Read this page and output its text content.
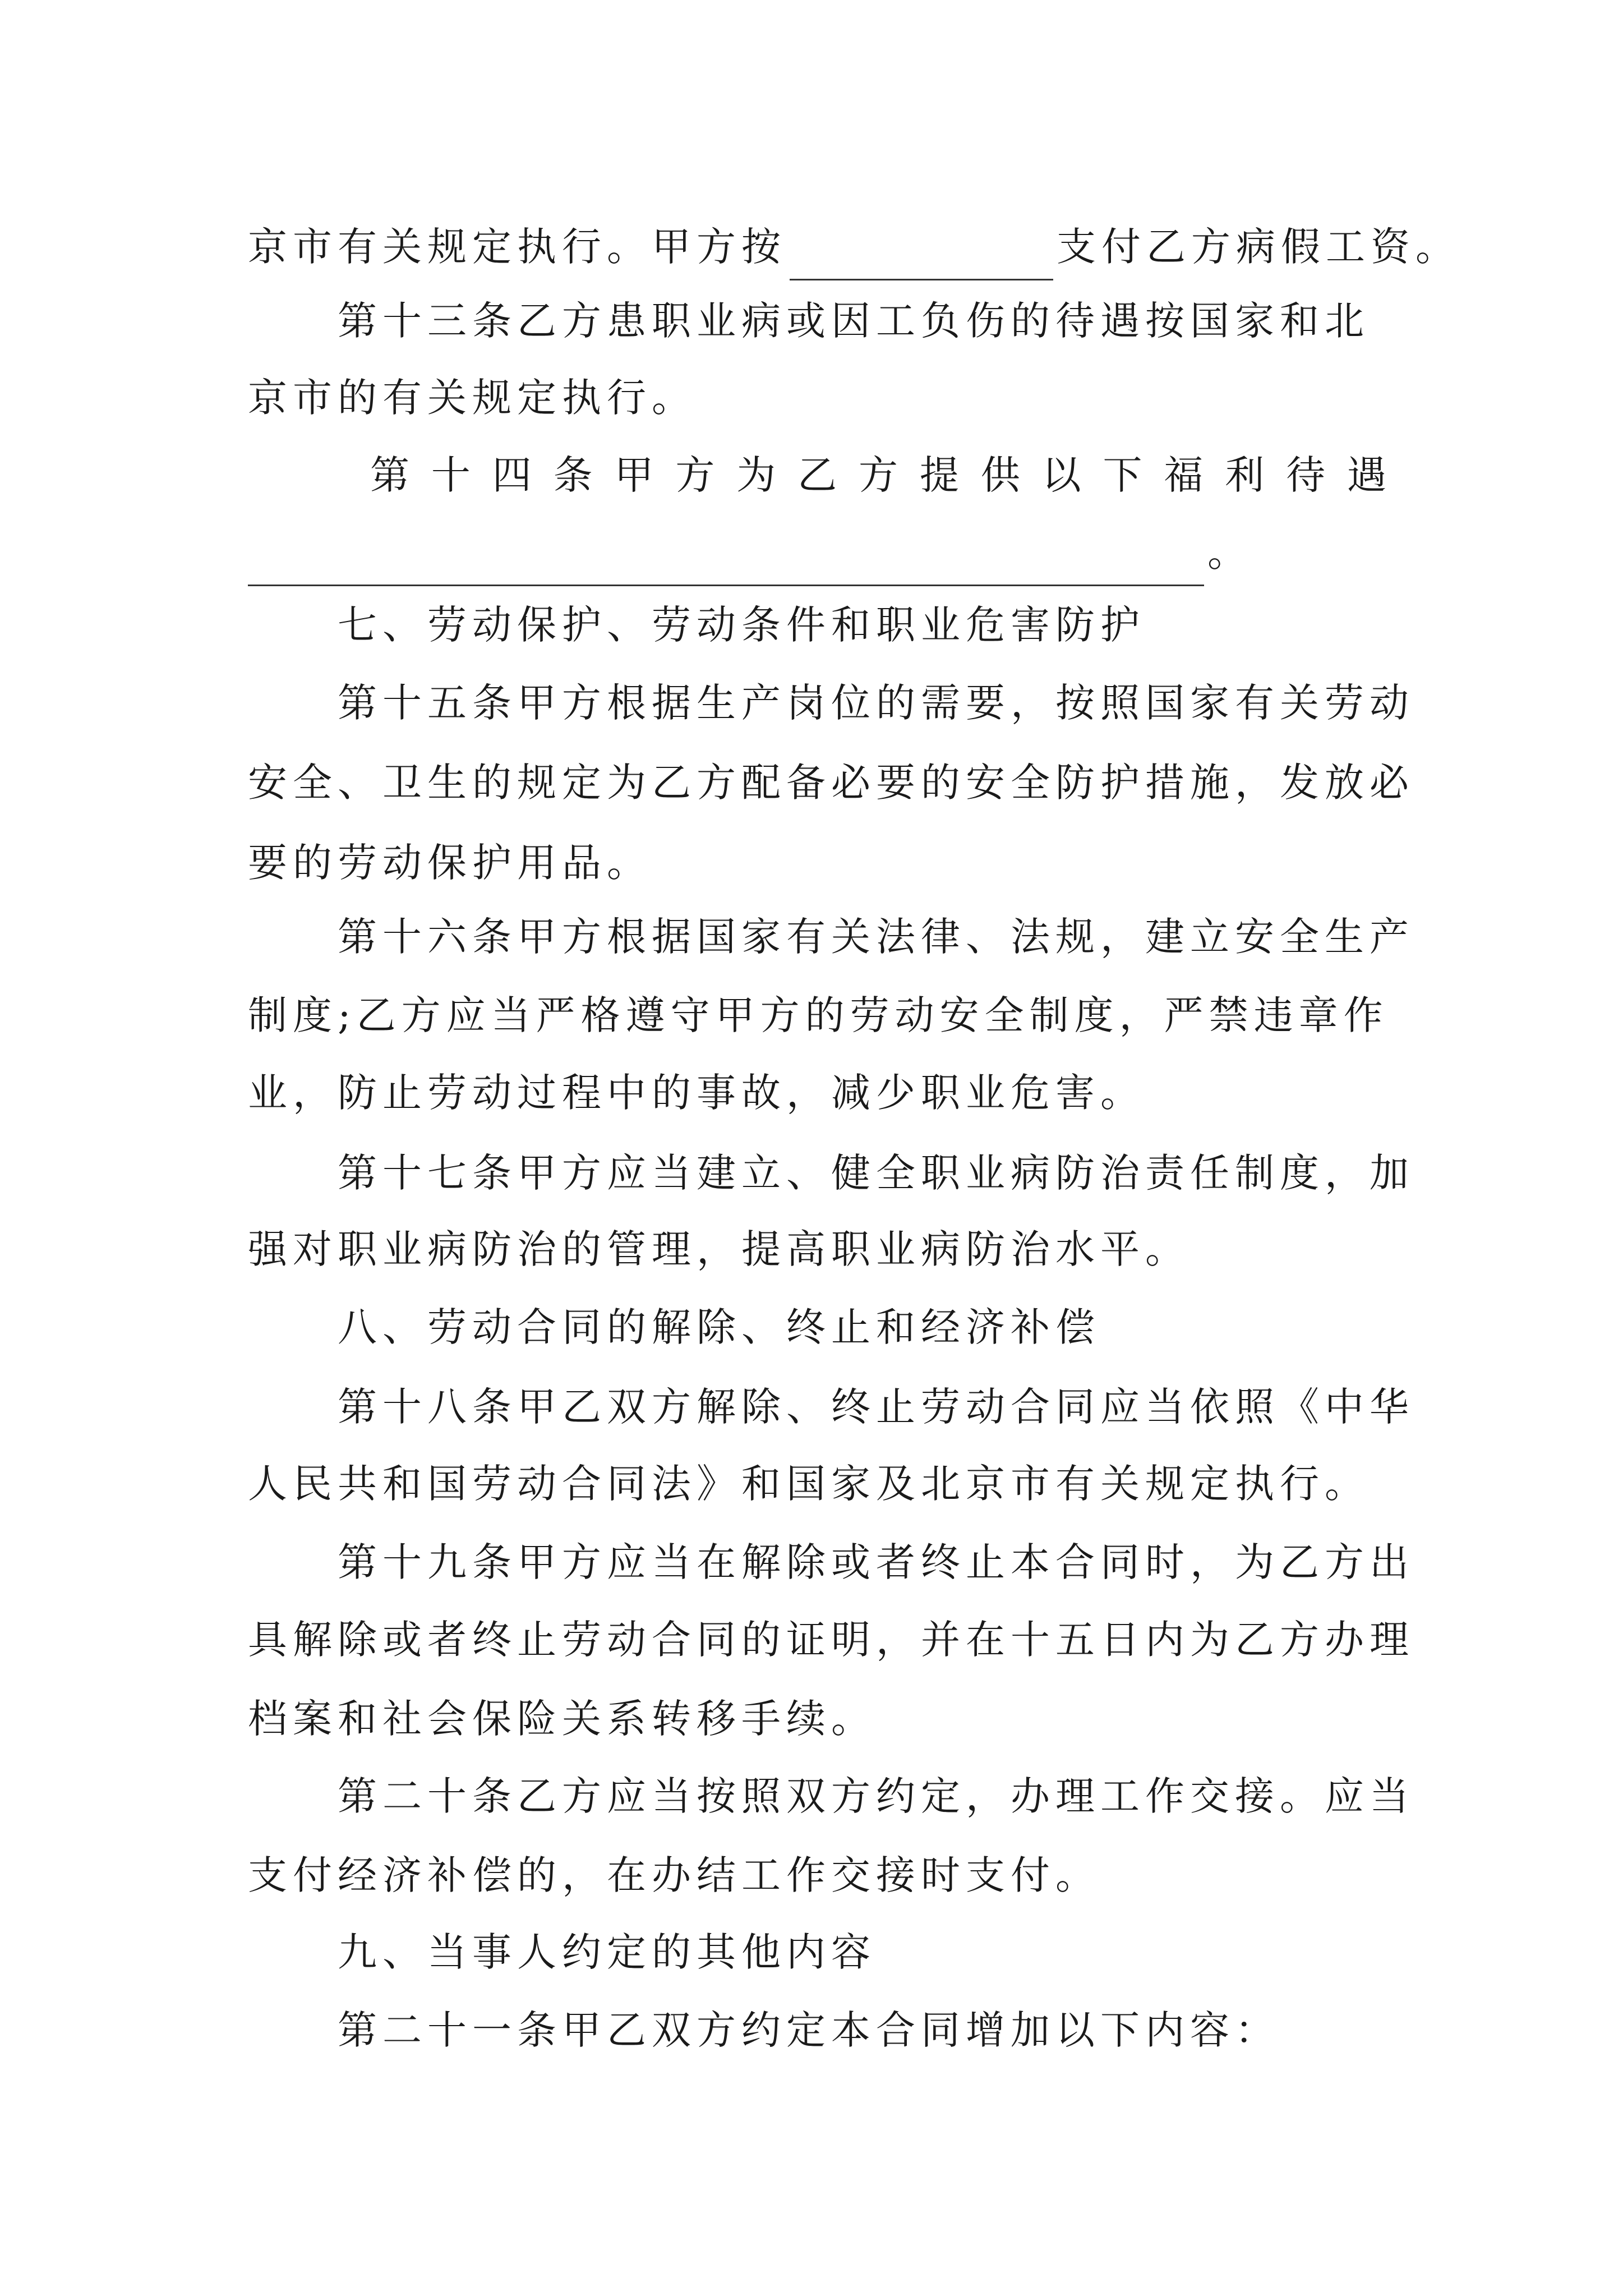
京市有关规定执行。甲方按	支付乙方病假工资。
第十三条乙方患职业病或因工负伤的待遇按国家和北
京市的有关规定执行。
第 十 四 条 甲 方 为 乙 方 提 供 以 下 福 利 待 遇
。
七、劳动保护、劳动条件和职业危害防护
第十五条甲方根据生产岗位的需要，按照国家有关劳动
安全、卫生的规定为乙方配备必要的安全防护措施，发放必
要的劳动保护用品。
第十六条甲方根据国家有关法律、法规，建立安全生产
制度;乙方应当严格遵守甲方的劳动安全制度，严禁违章作
业，防止劳动过程中的事故，减少职业危害。
第十七条甲方应当建立、健全职业病防治责任制度，加
强对职业病防治的管理，提高职业病防治水平。
八、劳动合同的解除、终止和经济补偿
第十八条甲乙双方解除、终止劳动合同应当依照《中华
人民共和国劳动合同法》和国家及北京市有关规定执行。
第十九条甲方应当在解除或者终止本合同时，为乙方出
具解除或者终止劳动合同的证明，并在十五日内为乙方办理
档案和社会保险关系转移手续。
第二十条乙方应当按照双方约定，办理工作交接。应当
支付经济补偿的，在办结工作交接时支付。
九、当事人约定的其他内容
第二十一条甲乙双方约定本合同增加以下内容：
